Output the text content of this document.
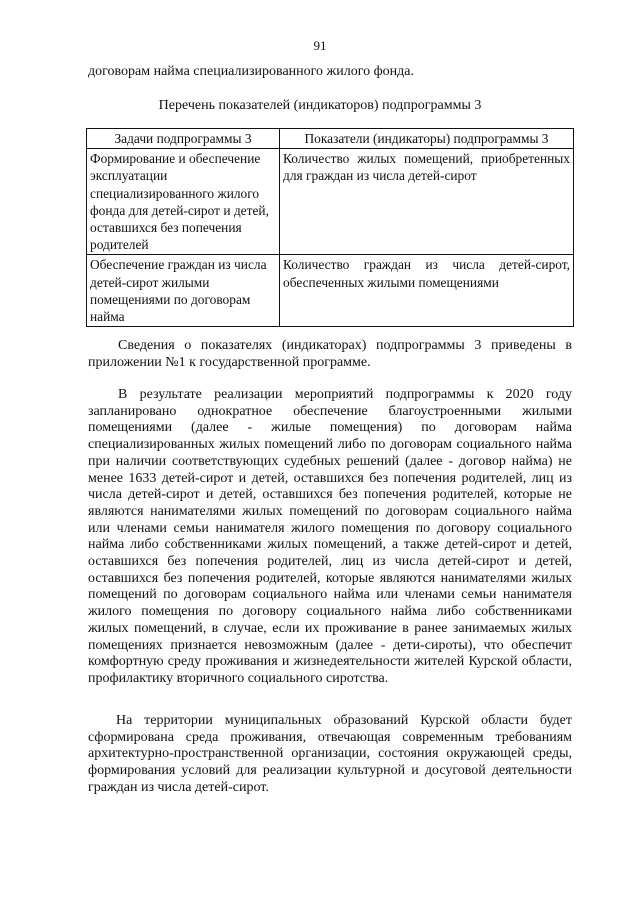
91
договорам найма специализированного жилого фонда.
Перечень показателей (индикаторов) подпрограммы 3
Задачи подпрограммы 3	Показатели (индикаторы) подпрограммы 3
Формирование и обеспечение эксплуатации специализированного жилого фонда для детей-сирот и детей, оставшихся без попечения родителей	Количество жилых помещений, приобретенных для граждан из числа детей-сирот
Обеспечение граждан из числа детей-сирот жилыми помещениями по договорам найма	Количество граждан из числа детей-сирот, обеспеченных жилыми помещениями
Сведения о показателях (индикаторах) подпрограммы 3 приведены в приложении №1 к государственной программе.
В результате реализации мероприятий подпрограммы к 2020 году запланировано однократное обеспечение благоустроенными жилыми помещениями (далее - жилые помещения) по договорам найма специализированных жилых помещений либо по договорам социального найма при наличии соответствующих судебных решений (далее - договор найма) не менее 1633 детей-сирот и детей, оставшихся без попечения родителей, лиц из числа детей-сирот и детей, оставшихся без попечения родителей, которые не являются нанимателями жилых помещений по договорам социального найма или членами семьи нанимателя жилого помещения по договору социального найма либо собственниками жилых помещений, а также детей-сирот и детей, оставшихся без попечения родителей, лиц из числа детей-сирот и детей, оставшихся без попечения родителей, которые являются нанимателями жилых помещений по договорам социального найма или членами семьи нанимателя жилого помещения по договору социального найма либо собственниками жилых помещений, в случае, если их проживание в ранее занимаемых жилых помещениях признается невозможным (далее - дети-сироты), что обеспечит комфортную среду проживания и жизнедеятельности жителей Курской области, профилактику вторичного социального сиротства.
На территории муниципальных образований Курской области будет сформирована среда проживания, отвечающая современным требованиям архитектурно-пространственной организации, состояния окружающей среды, формирования условий для реализации культурной и досуговой деятельности граждан из числа детей-сирот.
